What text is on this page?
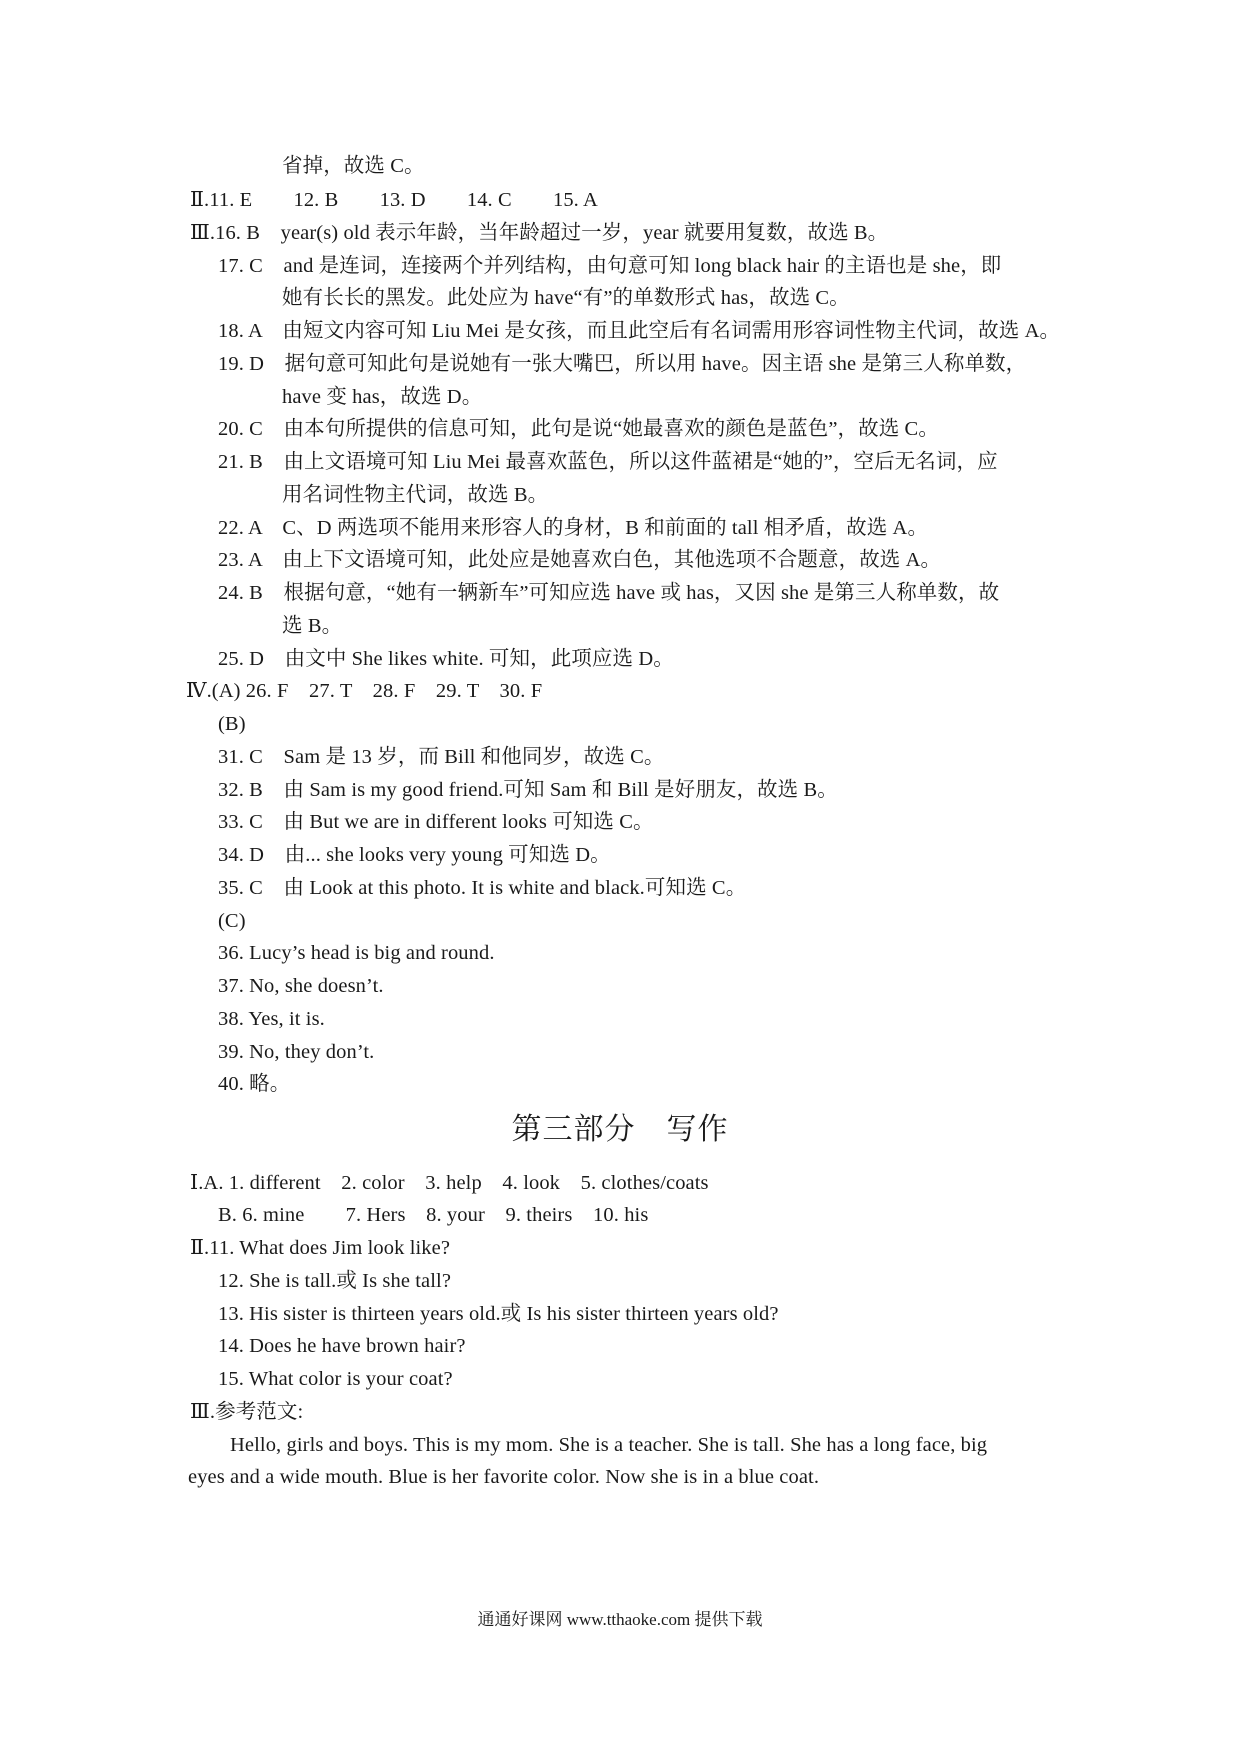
省掉，故选 C。
Ⅱ.11. E　　12. B　　13. D　　14. C　　15. A
Ⅲ.16. B　year(s) old 表示年龄，当年龄超过一岁，year 就要用复数，故选 B。
17. C　and 是连词，连接两个并列结构，由句意可知 long black hair 的主语也是 she，即
她有长长的黑发。此处应为 have“有”的单数形式 has，故选 C。
18. A　由短文内容可知 Liu Mei 是女孩，而且此空后有名词需用形容词性物主代词，故选 A。
19. D　据句意可知此句是说她有一张大嘴巴，所以用 have。因主语 she 是第三人称单数，
have 变 has，故选 D。
20. C　由本句所提供的信息可知，此句是说“她最喜欢的颜色是蓝色”，故选 C。
21. B　由上文语境可知 Liu Mei 最喜欢蓝色，所以这件蓝裙是“她的”，空后无名词，应
用名词性物主代词，故选 B。
22. A　C、D 两选项不能用来形容人的身材，B 和前面的 tall 相矛盾，故选 A。
23. A　由上下文语境可知，此处应是她喜欢白色，其他选项不合题意，故选 A。
24. B　根据句意，“她有一辆新车”可知应选 have 或 has，又因 she 是第三人称单数，故
选 B。
25. D　由文中 She likes white. 可知，此项应选 D。
Ⅳ.(A) 26. F　27. T　28. F　29. T　30. F
(B)
31. C　Sam 是 13 岁，而 Bill 和他同岁，故选 C。
32. B　由 Sam is my good friend.可知 Sam 和 Bill 是好朋友，故选 B。
33. C　由 But we are in different looks 可知选 C。
34. D　由... she looks very young 可知选 D。
35. C　由 Look at this photo. It is white and black.可知选 C。
(C)
36. Lucy’s head is big and round.
37. No, she doesn’t.
38. Yes, it is.
39. No, they don’t.
40. 略。
第三部分　写作
Ⅰ.A. 1. different　2. color　3. help　4. look　5. clothes/coats
B. 6. mine　　7. Hers　8. your　9. theirs　10. his
Ⅱ.11. What does Jim look like?
12. She is tall.或 Is she tall?
13. His sister is thirteen years old.或 Is his sister thirteen years old?
14. Does he have brown hair?
15. What color is your coat?
Ⅲ.参考范文:
Hello, girls and boys. This is my mom. She is a teacher. She is tall. She has a long face, big
eyes and a wide mouth. Blue is her favorite color. Now she is in a blue coat.
通通好课网 www.tthaoke.com 提供下载
